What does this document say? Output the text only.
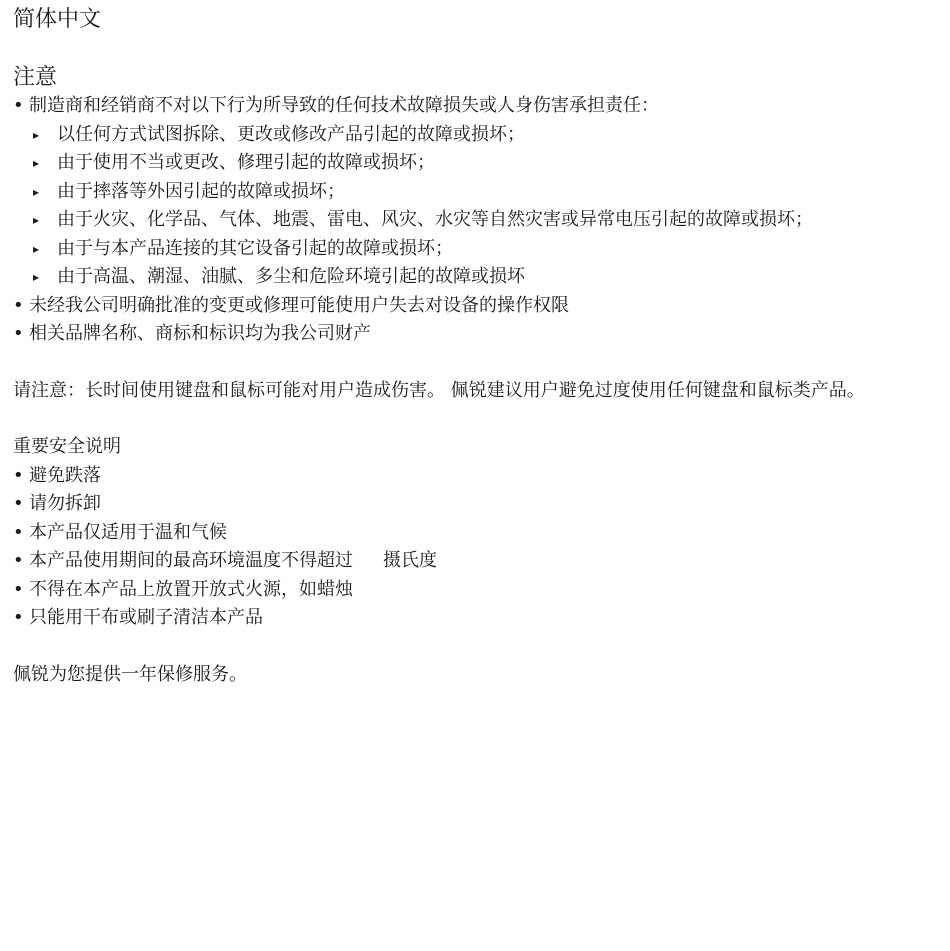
简体中文
注意
• 制造商和经销商不对以下行为所导致的任何技术故障损失或人身伤害承担责任：
▸ 以任何方式试图拆除、更改或修改产品引起的故障或损坏；
▸ 由于使用不当或更改、修理引起的故障或损坏；
▸ 由于摔落等外因引起的故障或损坏；
▸ 由于火灾、化学品、气体、地震、雷电、风灾、水灾等自然灾害或异常电压引起的故障或损坏；
▸ 由于与本产品连接的其它设备引起的故障或损坏；
▸ 由于高温、潮湿、油腻、多尘和危险环境引起的故障或损坏
• 未经我公司明确批准的变更或修理可能使用户失去对设备的操作权限
• 相关品牌名称、商标和标识均为我公司财产

请注意：长时间使用键盘和鼠标可能对用户造成伤害。 佩锐建议用户避免过度使用任何键盘和鼠标类产品。

重要安全说明
• 避免跌落
• 请勿拆卸
• 本产品仅适用于温和气候
• 本产品使用期间的最高环境温度不得超过 摄氏度
• 不得在本产品上放置开放式火源，如蜡烛
• 只能用干布或刷子清洁本产品

佩锐为您提供一年保修服务。
